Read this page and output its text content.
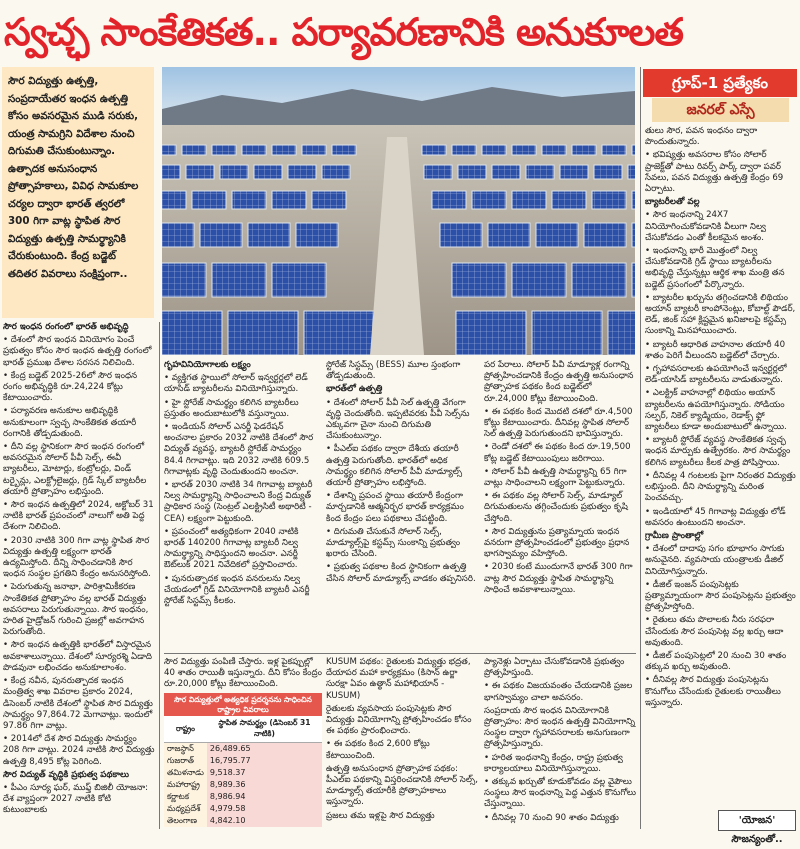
స్వచ్ఛ సాంకేతికత.. పర్యావరణానికి అనుకూలత
సౌర విద్యుత్తు ఉత్పత్తి, సంప్రదాయేతర ఇంధన ఉత్పత్తి కోసం అవసరమైన ముడి సరుకు, యంత్ర సామగ్రిని విదేశాల నుంచి దిగుమతి చేసుకుంటున్నాం. ఉత్పాదక అనుసంధాన ప్రోత్సాహకాలు, వివిధ సామకూల చర్యల ద్వారా భారత్ త్వరలో 300 గిగా వాట్ల స్థాపిత సౌర విద్యుత్తు ఉత్పత్తి సామర్థ్యానికి చేరుకుంటుంది. కేంద్ర బడ్జెట్ తదితర వివరాలు సంక్షిప్తంగా..
గ్రూప్-1 ప్రత్యేకం
జనరల్ ఎస్సే

సౌర ఇంధన రంగంలో భారత్ అభివృద్ధి

• దేశంలో సౌర ఇంధన వినియోగం పెంచే ప్రభుత్వం కోసం సౌర ఇంధన ఉత్పత్తి రంగంలో భారత్ ప్రముఖ దేశాల సరసన నిలిచింది.

• కేంద్ర బడ్జెట్ 2025-26లో సౌర ఇంధన రంగం అభివృద్ధికి రూ.24,224 కోట్లు కేటాయించారు.

• పర్యావరణ అనుకూల అభివృద్ధికి అనుకూలంగా స్వచ్ఛ సాంకేతికత తయారీ రంగానికి తోడ్పడుతుంది.

• దీని వల్ల స్థానికంగా సౌర ఇంధన రంగంలో అవసరమైన సోలార్ పీవీ సెల్స్, ఈవీ బ్యాటరీలు, మోటార్లు, కంట్రోలర్లు, విండ్ టర్బైన్లు, ఎలక్ట్రోలైజర్లు, గ్రిడ్ స్కేల్ బ్యాటరీల తయారీ ప్రోత్సాహం లభిస్తుంది.

• సౌర ఇంధన ఉత్పత్తిలో 2024, అక్టోబర్ 31 నాటికి భారత్ ప్రపంచంలో నాలుగో అతి పెద్ద దేశంగా నిలిచింది.

• 2030 నాటికి 300 గిగా వాట్ల స్థాపిత సౌర విద్యుత్తు ఉత్పత్తి లక్ష్యంగా భారత్ ఉద్యమిస్తోంది. దీన్ని సాధించడానికి సౌర ఇంధన సంస్థల ప్రగతిని కేంద్రం అనుసరిస్తోంది.

• పెరుగుతున్న జనాభా, పారిశ్రామికీకరణ సాంకేతికత ప్రోత్సాహం వల్ల భారత్ విద్యుత్తు అవసరాలు పెరుగుతున్నాయి. సౌర ఇంధనం, హరిత హైడ్రోజన్ గురించి ప్రజల్లో అవగాహన పెరుగుతోంది.

• సౌర ఇంధన ఉత్పత్తికి భారత్‌లో విస్తారమైన అవకాశాలున్నాయి. దేశంలో సూర్యరశ్మి ఏడాది పొడవునా లభించడం అనుకూలాంశం.

• కేంద్ర నవీన, పునరుత్పాదక ఇంధన మంత్రిత్వ శాఖ వివరాల ప్రకారం 2024, డిసెంబర్ నాటికి దేశంలో స్థాపిత సౌర విద్యుత్తు సామర్థ్యం 97,864.72 మెగావాట్లు. ఇందులో 97.86 గిగా వాట్లు.

• 2014లో దేశ సౌర విద్యుత్తు సామర్థ్యం 208 గిగా వాట్లు. 2024 నాటికి సౌర విద్యుత్తు ఉత్పత్తి 8,495 కోట్ల పెరిగింది.

సౌర విద్యుత్ వృద్ధికి ప్రభుత్వ పథకాలు

• పీఎం సూర్య ఘర్, ముఫ్త్ బిజిలీ యోజనా: దేశ వ్యాప్తంగా 2027 నాటికి కోటి కుటుంబాలకు

గృహవినియోగాలకు లక్ష్యం

• వ్యక్తిగత స్థాయిలో సోలార్ ఇన్వర్టర్లలో లెడ్ యాసిడ్ బ్యాటరీలను వినియోగిస్తున్నారు.

• హై స్టోరేజ్ సామర్థ్యం కలిగిన బ్యాటరీలు ప్రస్తుతం అందుబాటులోకి వస్తున్నాయి.

• ఇండియన్ సోలార్ ఎనర్జీ ఫెడరేషన్ అంచనాల ప్రకారం 2032 నాటికి దేశంలో సౌర విద్యుత్ వ్యవస్థ, బ్యాటరీ స్టోరేజ్ సామర్థ్యం 84.4 గిగావాట్లు. ఇది 2032 నాటికి 609.5 గిగావాట్లకు వృద్ధి చెందుతుందని అంచనా.

• భారత్ 2030 నాటికి 34 గిగావాట్ల బ్యాటరీ నిల్వ సామర్థ్యాన్ని సాధించాలని కేంద్ర విద్యుత్ ప్రాధికార సంస్థ (సెంట్రల్ ఎలక్ట్రిసిటీ అథారిటీ - CEA) లక్ష్యంగా పెట్టుకుంది.

• ప్రపంచంలో అత్యధికంగా 2040 నాటికి భారత్ 140200 గిగావాట్ల బ్యాటరీ నిల్వ సామర్థ్యాన్ని సాధిస్తుందని అంచనా. ఎనర్జీ ఔట్‌లుక్ 2021 నివేదికలో ప్రస్తావించారు.

• పునరుత్పాదక ఇంధన వనరులను నిల్వ చేయడంలో గ్రిడ్ వినియోగానికి బ్యాటరీ ఎనర్జీ స్టోరేజ్ సిస్టమ్స్ కీలకం.

స్టోరేజ్ సిస్టమ్స్ (BESS) మూల స్తంభంగా తోడ్పడుతుంది.

భారత్‌లో ఉత్పత్తి

• దేశంలో సోలార్ పీవీ సెల్ ఉత్పత్తి వేగంగా వృద్ధి చెందుతోంది. ఇప్పటివరకు పీవీ సెల్స్‌ను ఎక్కువగా చైనా నుంచి దిగుమతి చేసుకుంటున్నాం.

• పీఎల్ఐ పథకం ద్వారా దేశీయ తయారీ ఉత్పత్తి పెరుగుతోంది. భారత్‌లో అధిక సామర్థ్యం కలిగిన సోలార్ పీవీ మాడ్యూల్స్ తయారీ ప్రోత్సాహం లభిస్తోంది.

• దేశాన్ని ప్రపంచ స్థాయి తయారీ కేంద్రంగా మార్చడానికి ఆత్మనిర్భర భారత్ కార్యక్రమం కింద కేంద్రం పలు పథకాలు చేపట్టింది.

• దిగుమతి చేసుకునే సోలార్ సెల్స్, మాడ్యూల్స్‌పై కస్టమ్స్ సుంకాన్ని ప్రభుత్వం ఖరారు చేసింది.

• ప్రభుత్వ పథకాల కింద స్థానికంగా ఉత్పత్తి చేసిన సోలార్ మాడ్యూల్స్ వాడకం తప్పనిసరి.

పర పేరాలు. సోలార్ పీవీ మాడ్యూళ్ల రంగాన్ని ప్రోత్సహించడానికి కేంద్రం ఉత్పత్తి అనుసంధాన ప్రోత్సాహక పథకం కింద బడ్జెట్‌లో రూ.24,000 కోట్లు కేటాయించింది.

• ఈ పథకం కింద మొదటి దశలో రూ.4,500 కోట్లు కేటాయించారు. దీనివల్ల స్థాపిత సోలార్ సెల్ ఉత్పత్తి పెరుగుతుందని భావిస్తున్నారు.

• రెండో దశలో ఈ పథకం కింద రూ.19,500 కోట్ల బడ్జెట్ కేటాయింపులు జరిగాయి.

• సోలార్ పీవీ ఉత్పత్తి సామర్థ్యాన్ని 65 గిగా వాట్లు సాధించాలని లక్ష్యంగా పెట్టుకున్నారు.

• ఈ పథకం వల్ల సోలార్ సెల్స్, మాడ్యూల్ దిగుమతులను తగ్గించేందుకు ప్రభుత్వం కృషి చేస్తోంది.

• సౌర విద్యుత్తును ప్రత్యామ్నాయ ఇంధన వనరుగా ప్రోత్సహించడంలో ప్రభుత్వం ప్రధాన భాగస్వామ్యం వహిస్తోంది.

• 2030 కంటే ముందుగానే భారత్ 300 గిగా వాట్ల సౌర విద్యుత్తు స్థాపిత సామర్థ్యాన్ని సాధించే అవకాశాలున్నాయి.

తులు సౌర, పవన ఇంధనం ద్వారా పొందుతున్నారు.

• భవిష్యత్తు అవసరాల కోసం సోలార్ ప్రాజెక్ట్‌తో పాటు రివర్స్ పార్క్ ద్వారా పవర్ సేవలు, పవన విద్యుత్తు ఉత్పత్తి కేంద్రం 69 ఏర్పాటు.

బ్యాటరీలతో వల్ల

• సౌర ఇంధనాన్ని 24X7 వినియోగించుకోవడానికి వీలుగా నిల్వ చేసుకోవడం ఎంతో కీలకమైన అంశం.

• ఇంధనాన్ని భారీ మొత్తంలో నిల్వ చేసుకోవడానికి గ్రిడ్ స్థాయి బ్యాటరీలను అభివృద్ధి చేస్తున్నట్లు ఆర్థిక శాఖ మంత్రి తన బడ్జెట్ ప్రసంగంలో పేర్కొన్నారు.

• బ్యాటరీల ఖర్చును తగ్గించడానికి లిథియం అయాన్ బ్యాటరీ కాంపోనెంట్లు, కోబాల్ట్ పౌడర్, లెడ్, జింక్ సహా క్లిష్టమైన ఖనిజాలపై కస్టమ్స్ సుంకాన్ని మినహాయించారు.

• బ్యాటరీ ఆధారిత వాహనాల తయారీ 40 శాతం పెరిగే వీలుందని బడ్జెట్‌లో చేర్చారు.

• గృహావసరాలకు ఉపయోగించే ఇన్వర్టర్లలో లెడ్-యాసిడ్ బ్యాటరీలను వాడుతున్నారు.

• ఎలక్ట్రిక్ వాహనాల్లో లిథియం అయాన్ బ్యాటరీలను ఉపయోగిస్తున్నారు. సోడియం సల్ఫర్, నికెల్ క్యాడ్మియం, రెడాక్స్ ఫ్లో బ్యాటరీలు కూడా అందుబాటులో ఉన్నాయి.

• బ్యాటరీ స్టోరేజ్ వ్యవస్థ సాంకేతికత స్వచ్ఛ ఇంధన మార్పుకు ఉత్ప్రేరకం. సౌర సామర్థ్యం కలిగిన బ్యాటరీలు కీలక పాత్ర పోషిస్తాయి.

• దీనివల్ల 4 గంటలకు పైగా నిరంతర విద్యుత్తు లభిస్తుంది. దీని సామర్థ్యాన్ని మరింత పెంచవచ్చు.

• ఇండియాలో 45 గిగావాట్ల విద్యుత్తు లోడ్ అవసరం ఉంటుందని అంచనా.

గ్రామీణ ప్రాంతాల్లో

• దేశంలో దాదాపు సగం భూభాగం సాగుకు అనువైనది. వ్యవసాయ యంత్రాలకు డీజిల్ వినియోగిస్తున్నారు.

• డీజిల్ ఇంజన్ పంపుసెట్లకు ప్రత్యామ్నాయంగా సౌర పంపుసెట్లను ప్రభుత్వం ప్రోత్సహిస్తోంది.

• రైతులు తమ పొలాలకు నీరు సరఫరా చేసేందుకు సౌర పంపుసెట్ల వల్ల ఖర్చు ఆదా అవుతుంది.

• డీజిల్ పంపుసెట్లలో 20 నుంచి 30 శాతం తక్కువ ఖర్చు అవుతుంది.

• దీనివల్ల సౌర విద్యుత్తు పంపుసెట్లను కొనుగోలు చేసేందుకు రైతులకు రాయితీలు ఇస్తున్నారు.

సౌర విద్యుత్తు పంపిణీ చేస్తారు. ఇళ్ల పైకప్పుల్లో 40 శాతం రాయితీ ఇస్తున్నారు. దీని కోసం కేంద్రం రూ.20,000 కోట్లు కేటాయించింది.

KUSUM పథకం: రైతులకు విద్యుత్తు భద్రత, దేయాపర మహా కార్యక్రమం (కిసాన్ ఉర్జా సురక్షా ఏవం ఉత్థాన్ మహాభియాన్ - KUSUM)

రైతులకు వ్యవసాయ పంపుసెట్లకు సౌర విద్యుత్తు వినియోగాన్ని ప్రోత్సహించడం కోసం ఈ పథకం ప్రారంభించారు.

• ఈ పథకం కింద 2,600 కోట్లు కేటాయించింది.

ఉత్పత్తి అనుసంధాన ప్రోత్సాహక పథకం: పీఎల్ఐ పథకాన్ని విస్తరించడానికి సోలార్ సెల్స్, మాడ్యూల్స్ తయారీకి ప్రోత్సాహకాలు ఇస్తున్నారు.

ప్రజలు తమ ఇళ్లపై సౌర విద్యుత్తు

ప్యానెళ్లు ఏర్పాటు చేసుకోవడానికి ప్రభుత్వం ప్రోత్సహిస్తుంది.

• ఈ పథకం విజయవంతం చేయడానికి ప్రజల భాగస్వామ్యం చాలా అవసరం.

సంప్రదాయ సౌర ఇంధన వినియోగానికి ప్రోత్సాహం: సౌర ఇంధన ఉత్పత్తి వినియోగాన్ని సంస్థల ద్వారా గృహావసరాలకు అనుగుణంగా ప్రోత్సహిస్తున్నారు.

• హరిత ఇంధనాన్ని కేంద్రం, రాష్ట్ర ప్రభుత్వ కార్యాలయాలు వినియోగిస్తున్నాయి.

• తక్కువ ఖర్చుతో కూడుకోవడం వల్ల వైపౌలు సంస్థలు సౌర ఇంధనాన్ని పెద్ద ఎత్తున కొనుగోలు చేస్తున్నాయి.

• దీనివల్ల 70 నుంచి 90 శాతం విద్యుత్తు

సౌర విద్యుత్తులో అత్యధిక ప్రదర్శనను సాధించిన రాష్ట్రాల వివరాలు
రాష్ట్రం	స్థాపిత సామర్థ్యం (డిసెంబర్ 31 నాటికి)
రాజస్థాన్	26,489.65
గుజరాత్	16,795.77
తమిళనాడు	9,518.37
మహారాష్ట్ర	8,989.36
కర్ణాటక	8,986.94
మధ్యప్రదేశ్	4,979.58
తెలంగాణ	4,842.10	'యోజన' సౌజన్యంతో..
